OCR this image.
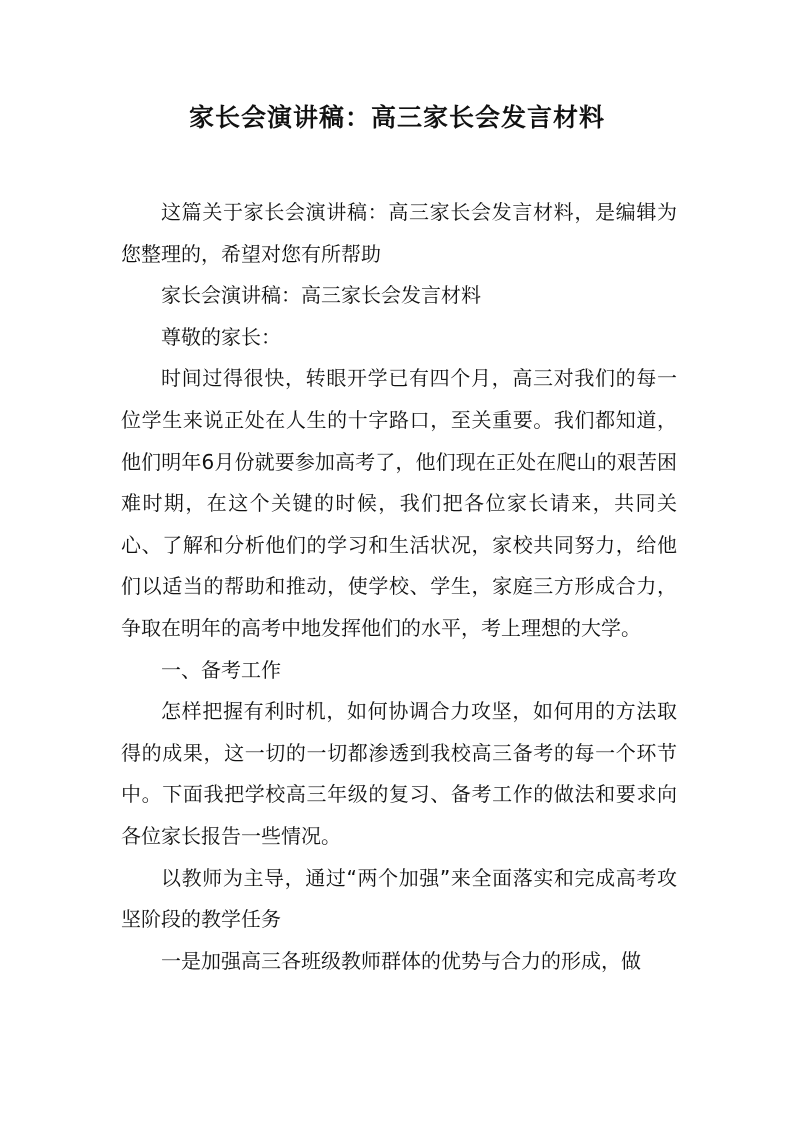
家长会演讲稿：高三家长会发言材料

这篇关于家长会演讲稿：高三家长会发言材料，是编辑为您整理的，希望对您有所帮助

家长会演讲稿：高三家长会发言材料

尊敬的家长：

时间过得很快，转眼开学已有四个月，高三对我们的每一位学生来说正处在人生的十字路口，至关重要。我们都知道，他们明年6月份就要参加高考了，他们现在正处在爬山的艰苦困难时期，在这个关键的时候，我们把各位家长请来，共同关心、了解和分析他们的学习和生活状况，家校共同努力，给他们以适当的帮助和推动，使学校、学生，家庭三方形成合力，争取在明年的高考中地发挥他们的水平，考上理想的大学。

一、备考工作

怎样把握有利时机，如何协调合力攻坚，如何用的方法取得的成果，这一切的一切都渗透到我校高三备考的每一个环节中。下面我把学校高三年级的复习、备考工作的做法和要求向各位家长报告一些情况。

以教师为主导，通过“两个加强”来全面落实和完成高考攻坚阶段的教学任务

一是加强高三各班级教师群体的优势与合力的形成，做
